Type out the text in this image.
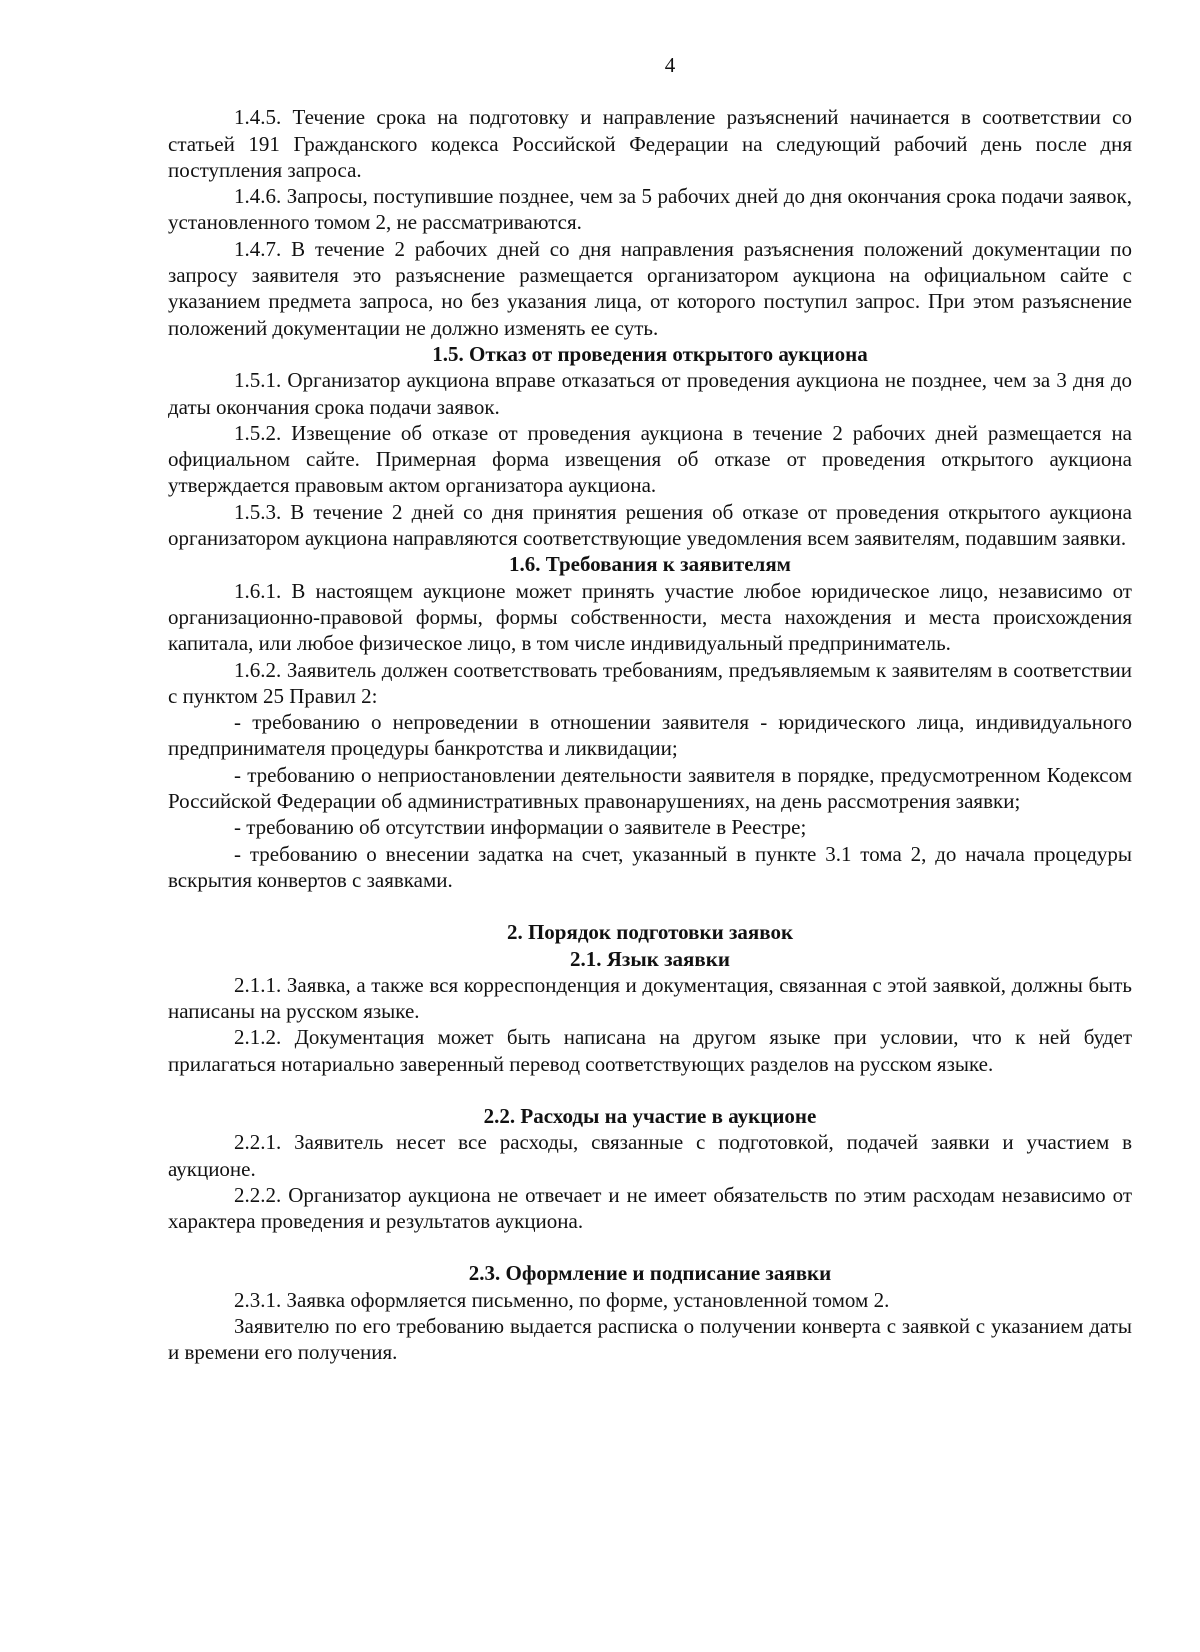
4
1.4.5. Течение срока на подготовку и направление разъяснений начинается в соответствии со статьей 191 Гражданского кодекса Российской Федерации на следующий рабочий день после дня поступления запроса.
1.4.6. Запросы, поступившие позднее, чем за 5 рабочих дней до дня окончания срока подачи заявок, установленного томом 2, не рассматриваются.
1.4.7. В течение 2 рабочих дней со дня направления разъяснения положений документации по запросу заявителя это разъяснение размещается организатором аукциона на официальном сайте с указанием предмета запроса, но без указания лица, от которого поступил запрос. При этом разъяснение положений документации не должно изменять ее суть.
1.5. Отказ от проведения открытого аукциона
1.5.1. Организатор аукциона вправе отказаться от проведения аукциона не позднее, чем за 3 дня до даты окончания срока подачи заявок.
1.5.2. Извещение об отказе от проведения аукциона в течение 2 рабочих дней размещается на официальном сайте. Примерная форма извещения об отказе от проведения открытого аукциона утверждается правовым актом организатора аукциона.
1.5.3. В течение 2 дней со дня принятия решения об отказе от проведения открытого аукциона организатором аукциона направляются соответствующие уведомления всем заявителям, подавшим заявки.
1.6. Требования к заявителям
1.6.1. В настоящем аукционе может принять участие любое юридическое лицо, независимо от организационно-правовой формы, формы собственности, места нахождения и места происхождения капитала, или любое физическое лицо, в том числе индивидуальный предприниматель.
1.6.2. Заявитель должен соответствовать требованиям, предъявляемым к заявителям в соответствии с пунктом 25 Правил 2:
- требованию о непроведении в отношении заявителя - юридического лица, индивидуального предпринимателя процедуры банкротства и ликвидации;
- требованию о неприостановлении деятельности заявителя в порядке, предусмотренном Кодексом Российской Федерации об административных правонарушениях, на день рассмотрения заявки;
- требованию об отсутствии информации о заявителе в Реестре;
- требованию о внесении задатка на счет, указанный в пункте 3.1 тома 2, до начала процедуры вскрытия конвертов с заявками.
2. Порядок подготовки заявок
2.1. Язык заявки
2.1.1. Заявка, а также вся корреспонденция и документация, связанная с этой заявкой, должны быть написаны на русском языке.
2.1.2. Документация может быть написана на другом языке при условии, что к ней будет прилагаться нотариально заверенный перевод соответствующих разделов на русском языке.
2.2. Расходы на участие в аукционе
2.2.1. Заявитель несет все расходы, связанные с подготовкой, подачей заявки и участием в аукционе.
2.2.2. Организатор аукциона не отвечает и не имеет обязательств по этим расходам независимо от характера проведения и результатов аукциона.
2.3. Оформление и подписание заявки
2.3.1. Заявка оформляется письменно, по форме, установленной томом 2.
Заявителю по его требованию выдается расписка о получении конверта с заявкой с указанием даты и времени его получения.
